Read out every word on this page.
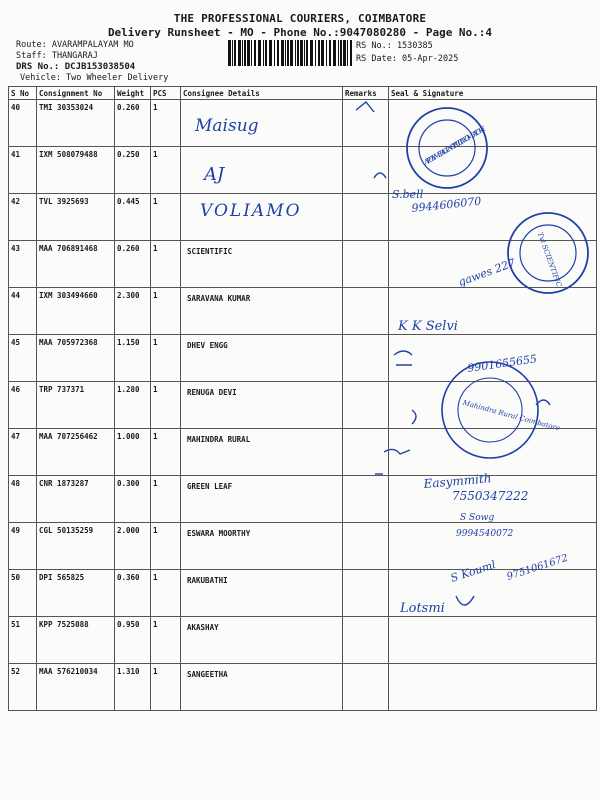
THE PROFESSIONAL COURIERS, COIMBATORE
Delivery Runsheet - MO - Phone No.:9047080280 - Page No.:4
Route: AVARAMPALAYAM MO
Staff: THANGARAJ
DRS No.: DCJB153038504
RS No.: 1530385
RS Date: 05-Apr-2025
Vehicle: Two Wheeler Delivery
S No	Consignment No	Weight	PCS	Consignee Details	Remarks	Seal & Signature
40	TMI 30353024	0.260	1			
41	IXM 508079488	0.250	1			
42	TVL 3925693	0.445	1			
43	MAA 706891468	0.260	1	SCIENTIFIC		
44	IXM 303494660	2.300	1	SARAVANA KUMAR		
45	MAA 705972368	1.150	1	DHEV ENGG		
46	TRP 737371	1.280	1	RENUGA DEVI		
47	MAA 707256462	1.000	1	MAHINDRA RURAL		
48	CNR 1873287	0.300	1	GREEN LEAF		
49	CGL 50135259	2.000	1	ESWARA MOORTHY		
50	DPI 565825	0.360	1	RAKUBATHI		
51	KPP 7525088	0.950	1	AKASHAY		
52	MAA 576210034	1.310	1	SANGEETHA		
AT POLYMER AGENCY PVT LTD COIMBATORE
Tvl SCIENTIFIC
Mahindra Rural Coimbatore
Maisug
AJ
VOLIAMO
S.bell
9944606070
gawes 227
K K Selvi
9901655655
Easymmith
7550347222
S Sowg
9994540072
S Kouml 9751061672
Lotsmi
